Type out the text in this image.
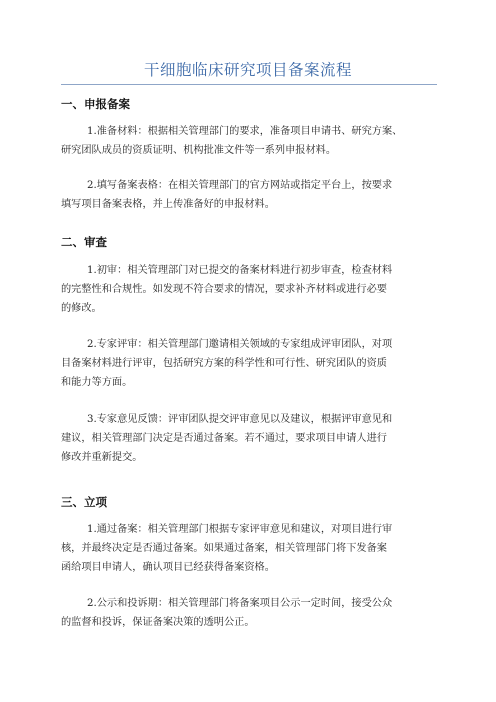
干细胞临床研究项目备案流程
一、申报备案
1.准备材料：根据相关管理部门的要求，准备项目申请书、研究方案、
研究团队成员的资质证明、机构批准文件等一系列申报材料。
2.填写备案表格：在相关管理部门的官方网站或指定平台上，按要求
填写项目备案表格，并上传准备好的申报材料。
二、审查
1.初审：相关管理部门对已提交的备案材料进行初步审查，检查材料
的完整性和合规性。如发现不符合要求的情况，要求补齐材料或进行必要
的修改。
2.专家评审：相关管理部门邀请相关领域的专家组成评审团队，对项
目备案材料进行评审，包括研究方案的科学性和可行性、研究团队的资质
和能力等方面。
3.专家意见反馈：评审团队提交评审意见以及建议，根据评审意见和
建议，相关管理部门决定是否通过备案。若不通过，要求项目申请人进行
修改并重新提交。
三、立项
1.通过备案：相关管理部门根据专家评审意见和建议，对项目进行审
核，并最终决定是否通过备案。如果通过备案，相关管理部门将下发备案
函给项目申请人，确认项目已经获得备案资格。
2.公示和投诉期：相关管理部门将备案项目公示一定时间，接受公众
的监督和投诉，保证备案决策的透明公正。
